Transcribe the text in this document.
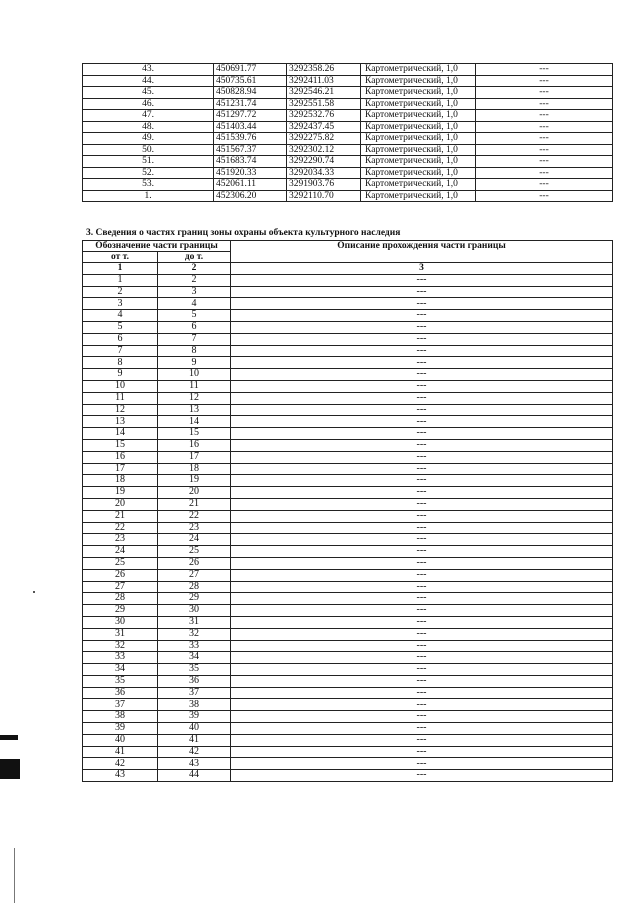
43.	450691.77	3292358.26	Картометрический, 1,0	---
44.	450735.61	3292411.03	Картометрический, 1,0	---
45.	450828.94	3292546.21	Картометрический, 1,0	---
46.	451231.74	3292551.58	Картометрический, 1,0	---
47.	451297.72	3292532.76	Картометрический, 1,0	---
48.	451403.44	3292437.45	Картометрический, 1,0	---
49.	451539.76	3292275.82	Картометрический, 1,0	---
50.	451567.37	3292302.12	Картометрический, 1,0	---
51.	451683.74	3292290.74	Картометрический, 1,0	---
52.	451920.33	3292034.33	Картометрический, 1,0	---
53.	452061.11	3291903.76	Картометрический, 1,0	---
1.	452306.20	3292110.70	Картометрический, 1,0	---
3. Сведения о частях границ зоны охраны объекта культурного наследия
Обозначение части границы		Описание прохождения части границы
от т.	до т.	
1	2	3
1	2	---
2	3	---
3	4	---
4	5	---
5	6	---
6	7	---
7	8	---
8	9	---
9	10	---
10	11	---
11	12	---
12	13	---
13	14	---
14	15	---
15	16	---
16	17	---
17	18	---
18	19	---
19	20	---
20	21	---
21	22	---
22	23	---
23	24	---
24	25	---
25	26	---
26	27	---
27	28	---
28	29	---
29	30	---
30	31	---
31	32	---
32	33	---
33	34	---
34	35	---
35	36	---
36	37	---
37	38	---
38	39	---
39	40	---
40	41	---
41	42	---
42	43	---
43	44	---
